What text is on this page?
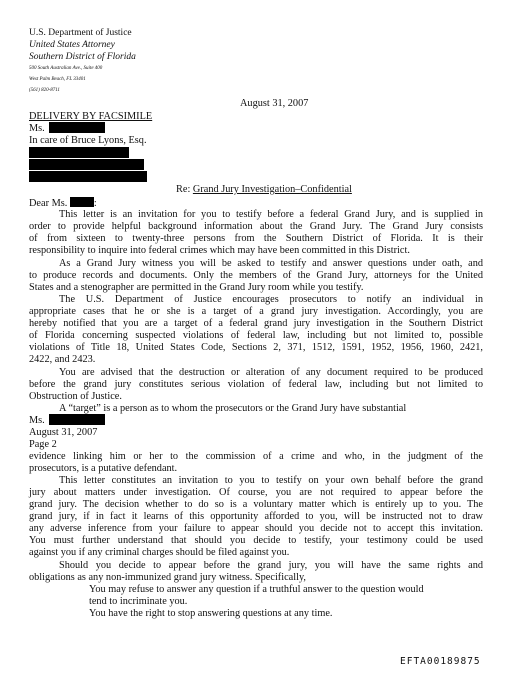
U.S. Department of Justice
United States Attorney
Southern District of Florida
500 South Australian Ave., Suite 400
West Palm Beach, FL 33401
(561) 820-8711
August 31, 2007
DELIVERY BY FACSIMILE
Ms.
In care of Bruce Lyons, Esq.
Re: Grand Jury Investigation–Confidential
Dear Ms.	:
This letter is an invitation for you to testify before a federal Grand Jury, and is supplied in
order to provide helpful background information about the Grand Jury. The Grand Jury consists
of from sixteen to twenty-three persons from the Southern District of Florida. It is their
responsibility to inquire into federal crimes which may have been committed in this District.
As a Grand Jury witness you will be asked to testify and answer questions under oath, and
to produce records and documents. Only the members of the Grand Jury, attorneys for the United
States and a stenographer are permitted in the Grand Jury room while you testify.
The U.S. Department of Justice encourages prosecutors to notify an individual in
appropriate cases that he or she is a target of a grand jury investigation. Accordingly, you are
hereby notified that you are a target of a federal grand jury investigation in the Southern District
of Florida concerning suspected violations of federal law, including but not limited to, possible
violations of Title 18, United States Code, Sections 2, 371, 1512, 1591, 1952, 1956, 1960, 2421,
2422, and 2423.
You are advised that the destruction or alteration of any document required to be produced
before the grand jury constitutes serious violation of federal law, including but not limited to
Obstruction of Justice.
A “target” is a person as to whom the prosecutors or the Grand Jury have substantial
Ms.
August 31, 2007
Page 2
evidence linking him or her to the commission of a crime and who, in the judgment of the
prosecutors, is a putative defendant.
This letter constitutes an invitation to you to testify on your own behalf before the grand
jury about matters under investigation. Of course, you are not required to appear before the
grand jury. The decision whether to do so is a voluntary matter which is entirely up to you. The
grand jury, if in fact it learns of this opportunity afforded to you, will be instructed not to draw
any adverse inference from your failure to appear should you decide not to accept this invitation.
You must further understand that should you decide to testify, your testimony could be used
against you if any criminal charges should be filed against you.
Should you decide to appear before the grand jury, you will have the same rights and
obligations as any non-immunized grand jury witness. Specifically,
You may refuse to answer any question if a truthful answer to the question would
tend to incriminate you.
You have the right to stop answering questions at any time.
EFTA00189875
